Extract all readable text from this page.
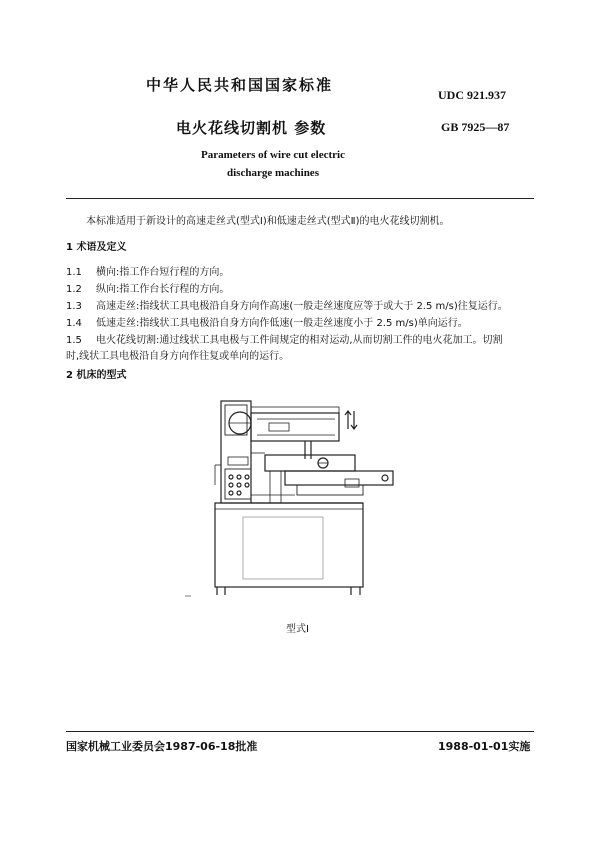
中华人民共和国国家标准
UDC 921.937
电火花线切割机 参数	GB 7925—87
Parameters of wire cut electric
discharge machines
本标准适用于新设计的高速走丝式(型式Ⅰ)和低速走丝式(型式Ⅱ)的电火花线切割机。
1 术语及定义
1.1 横向:指工作台短行程的方向。
1.2 纵向:指工作台长行程的方向。
1.3 高速走丝:指线状工具电极沿自身方向作高速(一般走丝速度应等于或大于 2.5 m/s)往复运行。
1.4 低速走丝:指线状工具电极沿自身方向作低速(一般走丝速度小于 2.5 m/s)单向运行。
1.5 电火花线切割:通过线状工具电极与工件间规定的相对运动,从而切割工件的电火花加工。切割
时,线状工具电极沿自身方向作往复或单向的运行。
2 机床的型式
型式Ⅰ
国家机械工业委员会1987-06-18批准	1988-01-01实施
